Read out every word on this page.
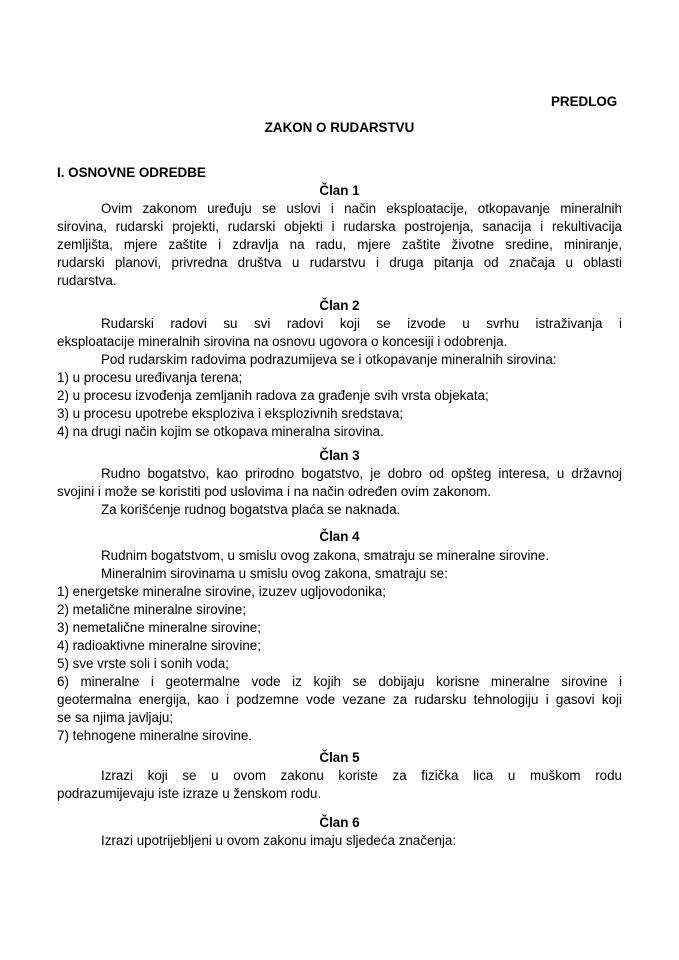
PREDLOG
ZAKON O RUDARSTVU
I. OSNOVNE ODREDBE
Član 1
Ovim zakonom uređuju se uslovi i način eksploatacije, otkopavanje mineralnih
sirovina, rudarski projekti, rudarski objekti i rudarska postrojenja, sanacija i rekultivacija
zemljišta, mjere zaštite i zdravlja na radu, mjere zaštite životne sredine, miniranje,
rudarski planovi, privredna društva u rudarstvu i druga pitanja od značaja u oblasti
rudarstva.
Član 2
Rudarski radovi su svi radovi koji se izvode u svrhu istraživanja i
eksploatacije mineralnih sirovina na osnovu ugovora o koncesiji i odobrenja.
Pod rudarskim radovima podrazumijeva se i otkopavanje mineralnih sirovina:
1) u procesu uređivanja terena;
2) u procesu izvođenja zemljanih radova za građenje svih vrsta objekata;
3) u procesu upotrebe eksploziva i eksplozivnih sredstava;
4) na drugi način kojim se otkopava mineralna sirovina.
Član 3
Rudno bogatstvo, kao prirodno bogatstvo, je dobro od opšteg interesa, u državnoj
svojini i može se koristiti pod uslovima i na način određen ovim zakonom.
Za korišćenje rudnog bogatstva plaća se naknada.
Član 4
Rudnim bogatstvom, u smislu ovog zakona, smatraju se mineralne sirovine.
Mineralnim sirovinama u smislu ovog zakona, smatraju se:
1) energetske mineralne sirovine, izuzev ugljovodonika;
2) metalične mineralne sirovine;
3) nemetalične mineralne sirovine;
4) radioaktivne mineralne sirovine;
5) sve vrste soli i sonih voda;
6) mineralne i geotermalne vode iz kojih se dobijaju korisne mineralne sirovine i
geotermalna energija, kao i podzemne vode vezane za rudarsku tehnologiju i gasovi koji
se sa njima javljaju;
7) tehnogene mineralne sirovine.
Član 5
Izrazi koji se u ovom zakonu koriste za fizička lica u muškom rodu
podrazumijevaju iste izraze u ženskom rodu.
Član 6
Izrazi upotrijebljeni u ovom zakonu imaju sljedeća značenja:
